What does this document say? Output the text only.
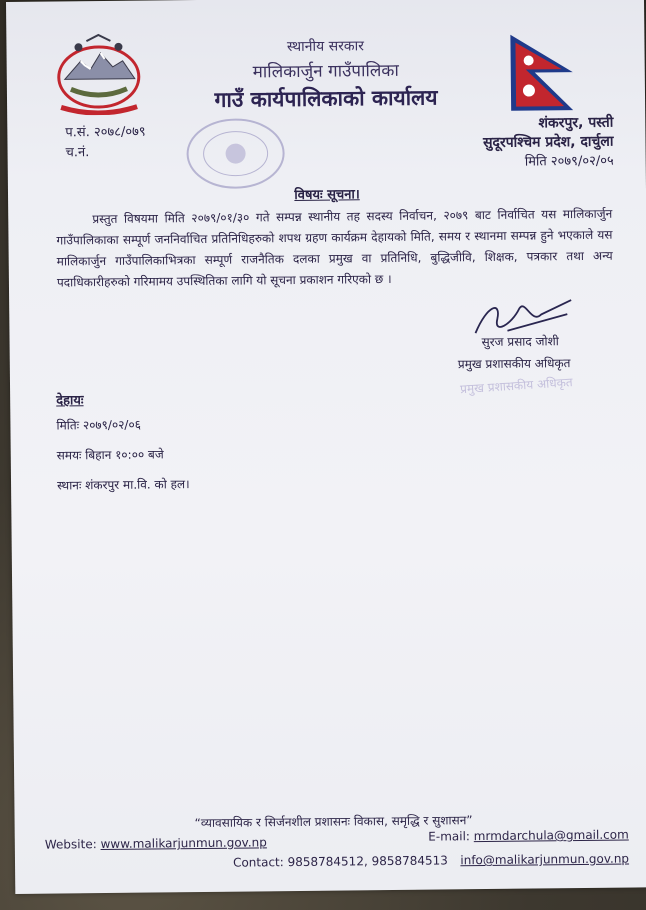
स्थानीय सरकार
मालिकार्जुन गाउँपालिका
गाउँ कार्यपालिकाको कार्यालय
प.सं. २०७८/०७९
च.नं.
शंकरपुर, पस्ती
सुदूरपश्चिम प्रदेश, दार्चुला
मिति २०७९/०२/०५
विषयः सूचना।
प्रस्तुत विषयमा मिति २०७९/०१/३० गते सम्पन्न स्थानीय तह सदस्य निर्वाचन, २०७९ बाट निर्वाचित यस मालिकार्जुन गाउँपालिकाका सम्पूर्ण जननिर्वाचित प्रतिनिधिहरुको शपथ ग्रहण कार्यक्रम देहायको मिति, समय र स्थानमा सम्पन्न हुने भएकाले यस मालिकार्जुन गाउँपालिकाभित्रका सम्पूर्ण राजनैतिक दलका प्रमुख वा प्रतिनिधि, बुद्धिजीवि, शिक्षक, पत्रकार तथा अन्य पदाधिकारीहरुको गरिमामय उपस्थितिका लागि यो सूचना प्रकाशन गरिएको छ ।
सुरज प्रसाद जोशी
प्रमुख प्रशासकीय अधिकृत
प्रमुख प्रशासकीय अधिकृत
देहायः
मितिः २०७९/०२/०६
समयः बिहान १०:०० बजे
स्थानः शंकरपुर मा.वि. को हल।
“व्यावसायिक र सिर्जनशील प्रशासनः विकास, समृद्धि र सुशासन”
Website: www.malikarjunmun.gov.np	E-mail: mrmdarchula@gmail.com
Contact: 9858784512, 9858784513 info@malikarjunmun.gov.np
